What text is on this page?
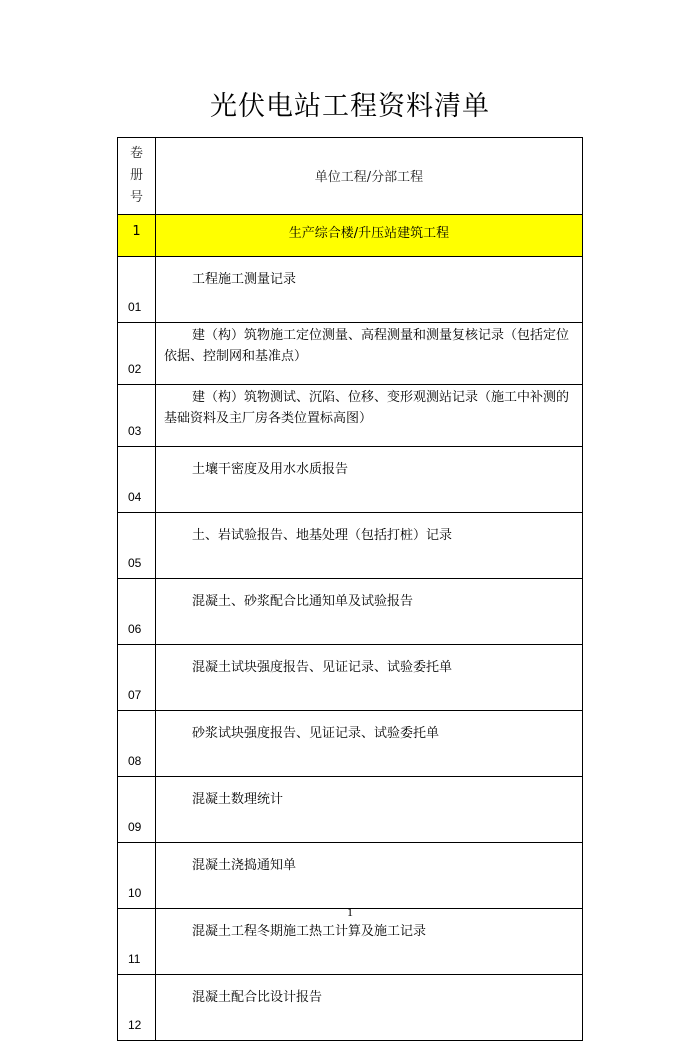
光伏电站工程资料清单
卷册号	单位工程/分部工程
1	生产综合楼/升压站建筑工程
01	工程施工测量记录
02	建（构）筑物施工定位测量、高程测量和测量复核记录（包括定位依据、控制网和基准点）
03	建（构）筑物测试、沉陷、位移、变形观测站记录（施工中补测的基础资料及主厂房各类位置标高图）
04	土壤干密度及用水水质报告
05	土、岩试验报告、地基处理（包括打桩）记录
06	混凝土、砂浆配合比通知单及试验报告
07	混凝土试块强度报告、见证记录、试验委托单
08	砂浆试块强度报告、见证记录、试验委托单
09	混凝土数理统计
10	混凝土浇捣通知单
11	混凝土工程冬期施工热工计算及施工记录
12	混凝土配合比设计报告
1
